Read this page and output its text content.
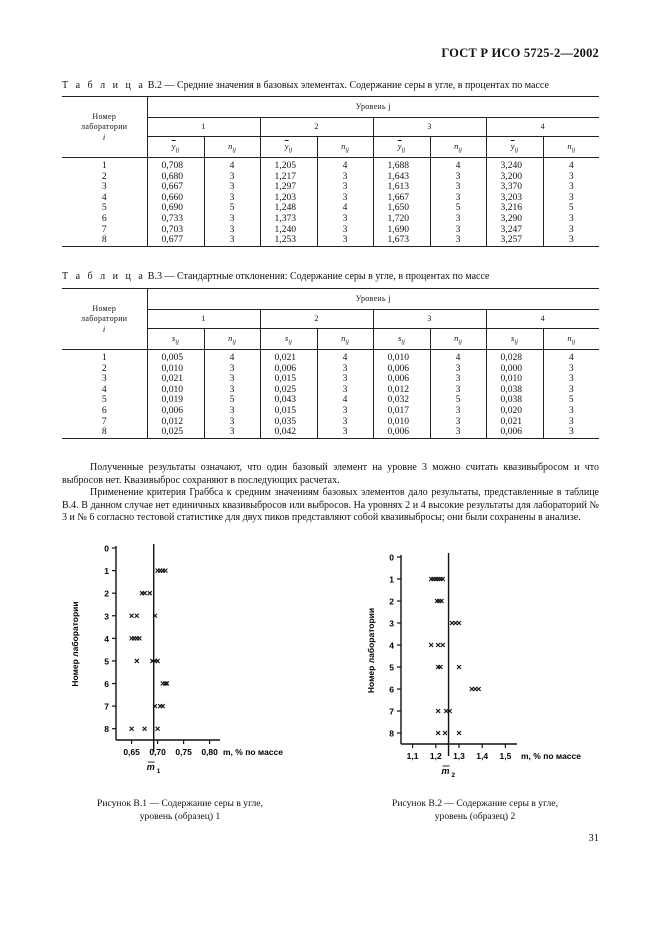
ГОСТ Р ИСО 5725-2—2002
Т а б л и ц а В.2 — Средние значения в базовых элементах. Содержание серы в угле, в процентах по массе
Номер
лаборатории
i	Уровень j							
	1		2		3		4	
	$\overline{y}_{ij}$	$n_{ij}$	$\overline{y}_{ij}$	$n_{ij}$	$\overline{y}_{ij}$	$n_{ij}$	$\overline{y}_{ij}$	$n_{ij}$
1	0,708	4	1,205	4	1,688	4	3,240	4
2	0,680	3	1,217	3	1,643	3	3,200	3
3	0,667	3	1,297	3	1,613	3	3,370	3
4	0,660	3	1,203	3	1,667	3	3,203	3
5	0,690	5	1,248	4	1,650	5	3,216	5
6	0,733	3	1,373	3	1,720	3	3,290	3
7	0,703	3	1,240	3	1,690	3	3,247	3
8	0,677	3	1,253	3	1,673	3	3,257	3
Т а б л и ц а В.3 — Стандартные отклонения: Содержание серы в угле, в процентах по массе
Номер
лаборатории
i	Уровень j							
	1		2		3		4	
	$s_{ij}$	$n_{ij}$	$s_{ij}$	$n_{ij}$	$s_{ij}$	$n_{ij}$	$s_{ij}$	$n_{ij}$
1	0,005	4	0,021	4	0,010	4	0,028	4
2	0,010	3	0,006	3	0,006	3	0,000	3
3	0,021	3	0,015	3	0,006	3	0,010	3
4	0,010	3	0,025	3	0,012	3	0,038	3
5	0,019	5	0,043	4	0,032	5	0,038	5
6	0,006	3	0,015	3	0,017	3	0,020	3
7	0,012	3	0,035	3	0,010	3	0,021	3
8	0,025	3	0,042	3	0,006	3	0,006	3

Полученные результаты означают, что один базовый элемент на уровне 3 можно считать квазивыбросом и что выбросов нет. Квазивыброс сохраняют в последующих расчетах.

Применение критерия Граббса к средним значениям базовых элементов дало результаты, представленные в таблице В.4. В данном случае нет единичных квазивыбросов или выбросов. На уровнях 2 и 4 высокие результаты для лабораторий № 3 и № 6 согласно тестовой статистике для двух пиков представляют собой квазивыбросы; они были сохранены в анализе.

0
1
2
3
4
5
6
7
8
0,65 0,70 0,75 0,80 m, % по массе
Номер лаборатории
m 1
Рисунок В.1 — Содержание серы в угле,
уровень (образец) 1
0
1
2
3
4
5
6
7
8
1,1 1,2 1,3 1,4 1,5 m, % по массе
Номер лаборатории
m 2
Рисунок В.2 — Содержание серы в угле,
уровень (образец) 2
31
